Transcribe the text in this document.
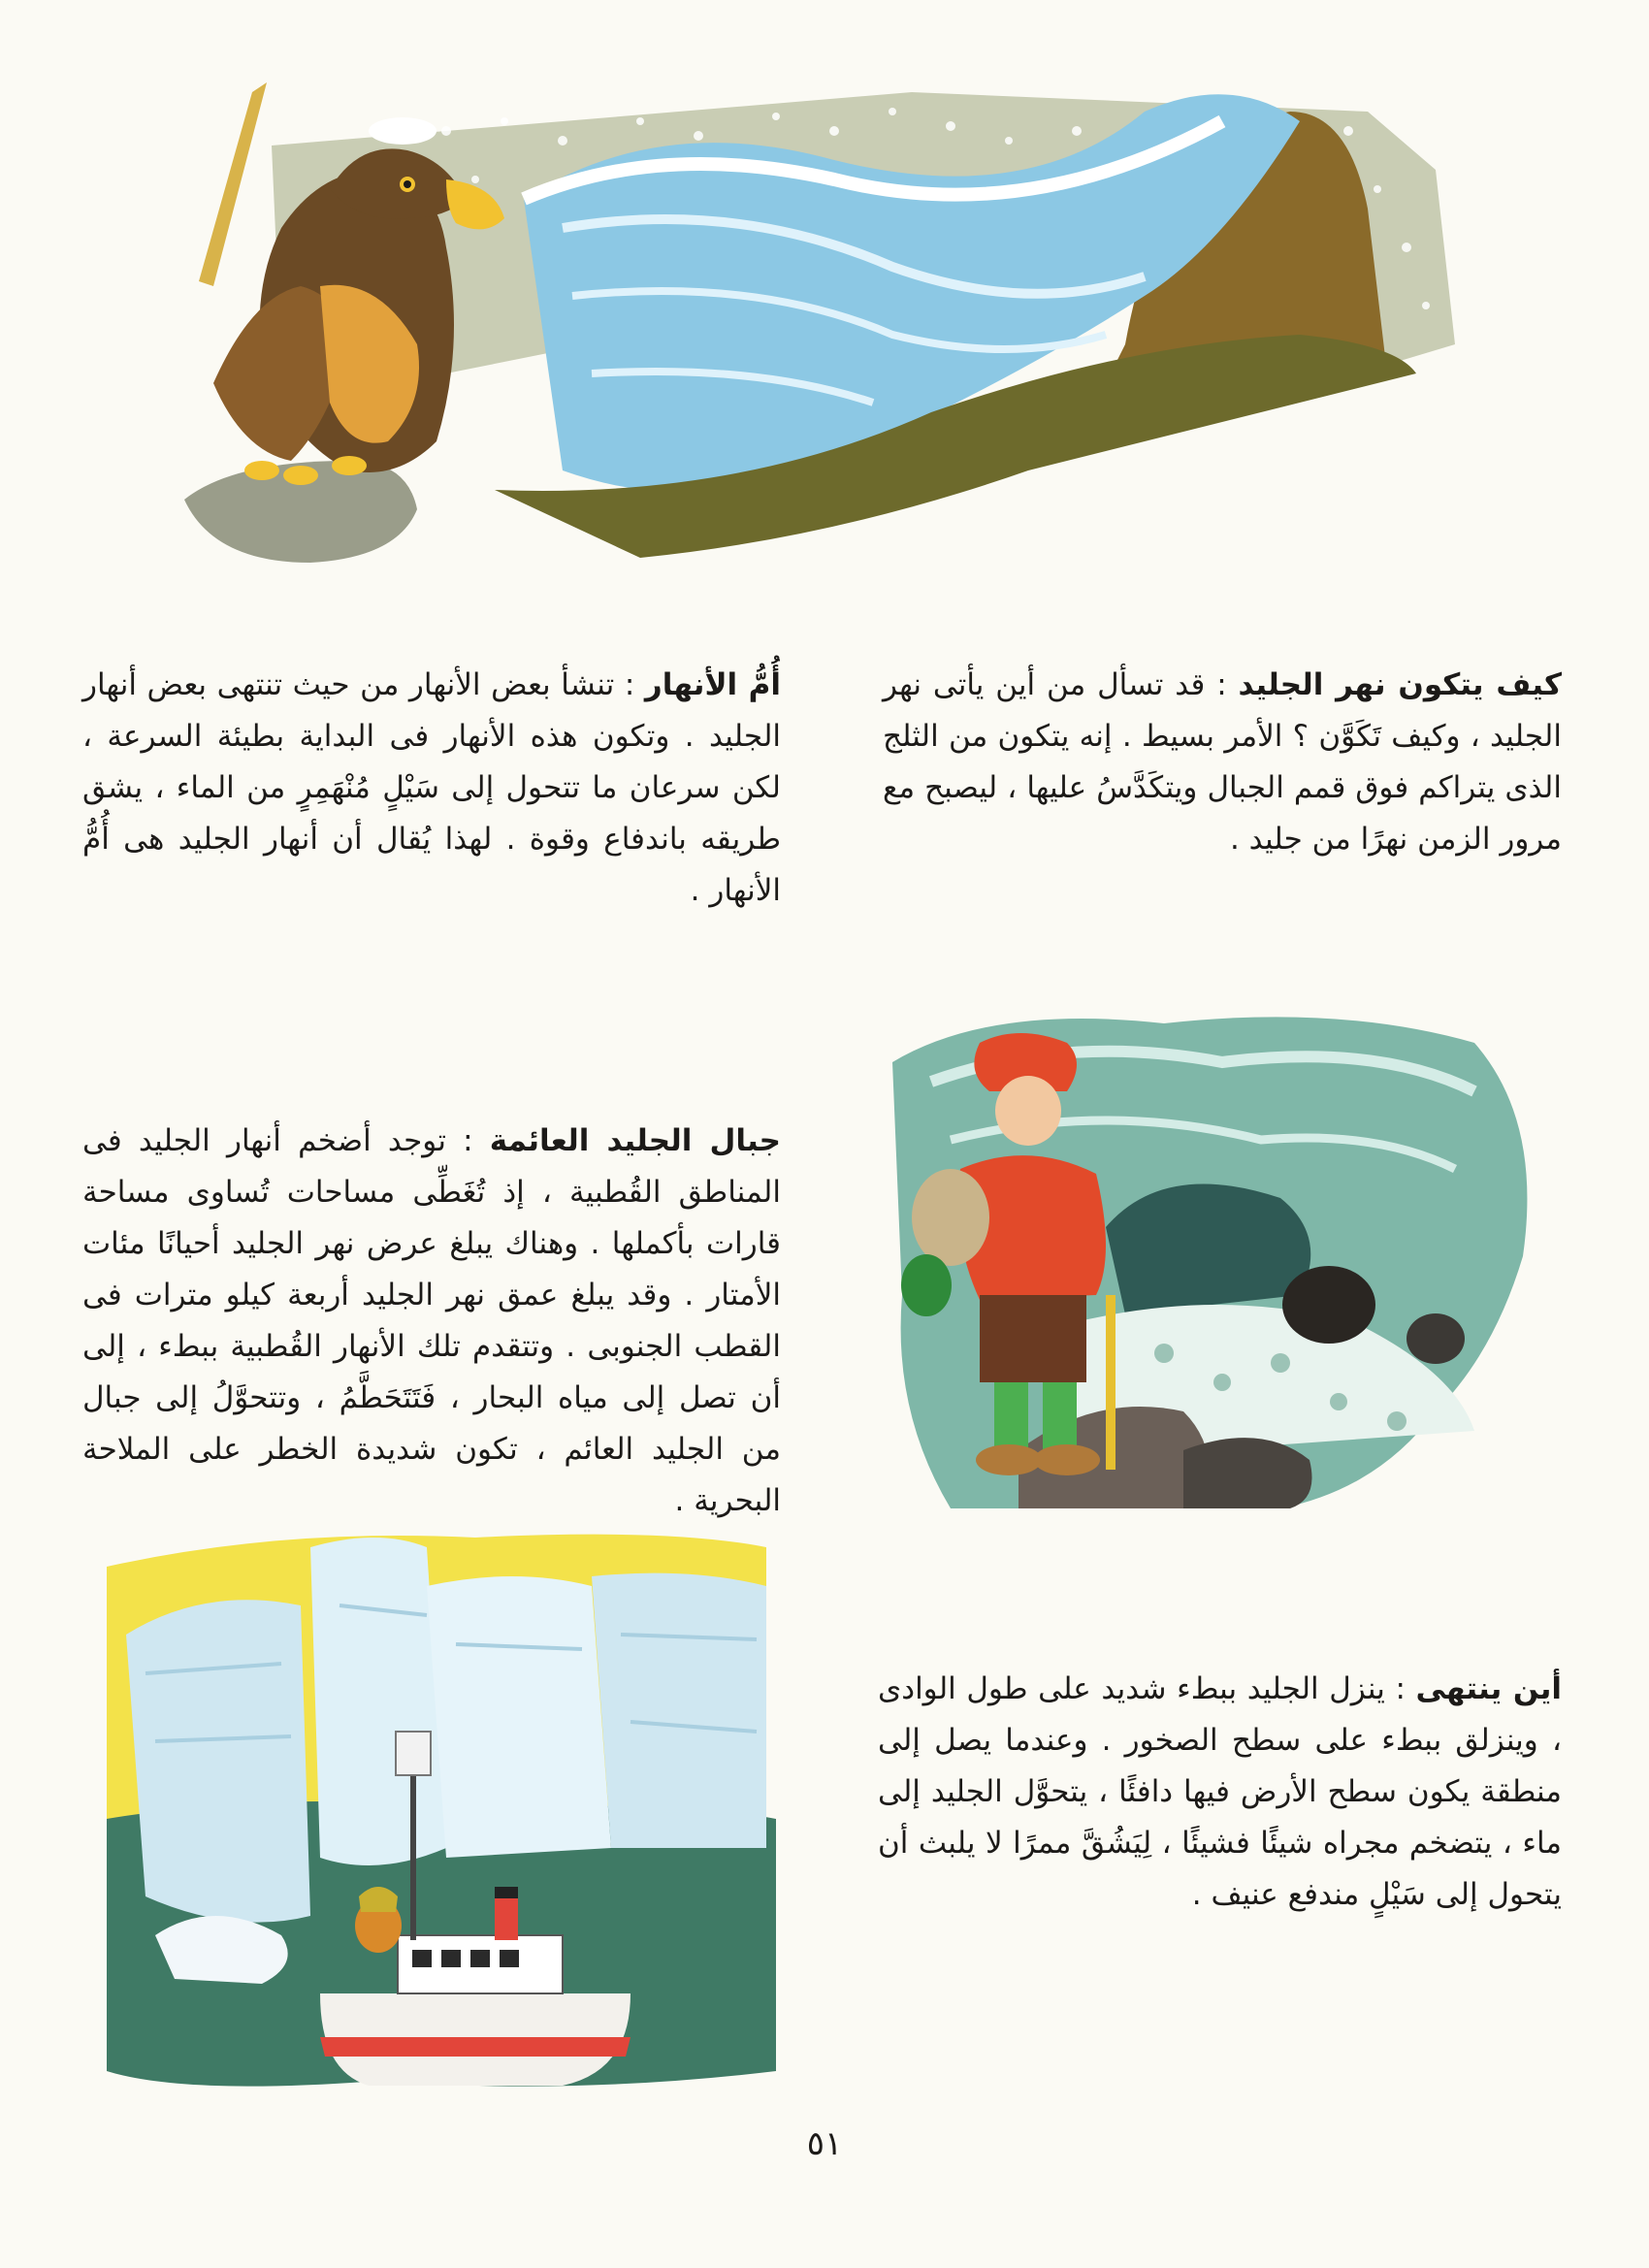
كيف يتكون نهر الجليد : قد تسأل من أين يأتى نهر الجليد ، وكيف تَكَوَّن ؟ الأمر بسيط . إنه يتكون من الثلج الذى يتراكم فوق قمم الجبال ويتكَدَّسُ عليها ، ليصبح مع مرور الزمن نهرًا من جليد .

أُمُّ الأنهار : تنشأ بعض الأنهار من حيث تنتهى بعض أنهار الجليد . وتكون هذه الأنهار فى البداية بطيئة السرعة ، لكن سرعان ما تتحول إلى سَيْلٍ مُنْهَمِرٍ من الماء ، يشق طريقه باندفاع وقوة . لهذا يُقال أن أنهار الجليد هى أُمُّ الأنهار .

جبال الجليد العائمة : توجد أضخم أنهار الجليد فى المناطق القُطبية ، إذ تُغَطِّى مساحات تُساوى مساحة قارات بأكملها . وهناك يبلغ عرض نهر الجليد أحيانًا مئات الأمتار . وقد يبلغ عمق نهر الجليد أربعة كيلو مترات فى القطب الجنوبى . وتتقدم تلك الأنهار القُطبية ببطء ، إلى أن تصل إلى مياه البحار ، فَتَتَحَطَّمُ ، وتتحوَّلُ إلى جبال من الجليد العائم ، تكون شديدة الخطر على الملاحة البحرية .

أين ينتهى : ينزل الجليد ببطء شديد على طول الوادى ، وينزلق ببطء على سطح الصخور . وعندما يصل إلى منطقة يكون سطح الأرض فيها دافئًا ، يتحوَّل الجليد إلى ماء ، يتضخم مجراه شيئًا فشيئًا ، لِيَشُقَّ ممرًا لا يلبث أن يتحول إلى سَيْلٍ مندفع عنيف .

٥١
